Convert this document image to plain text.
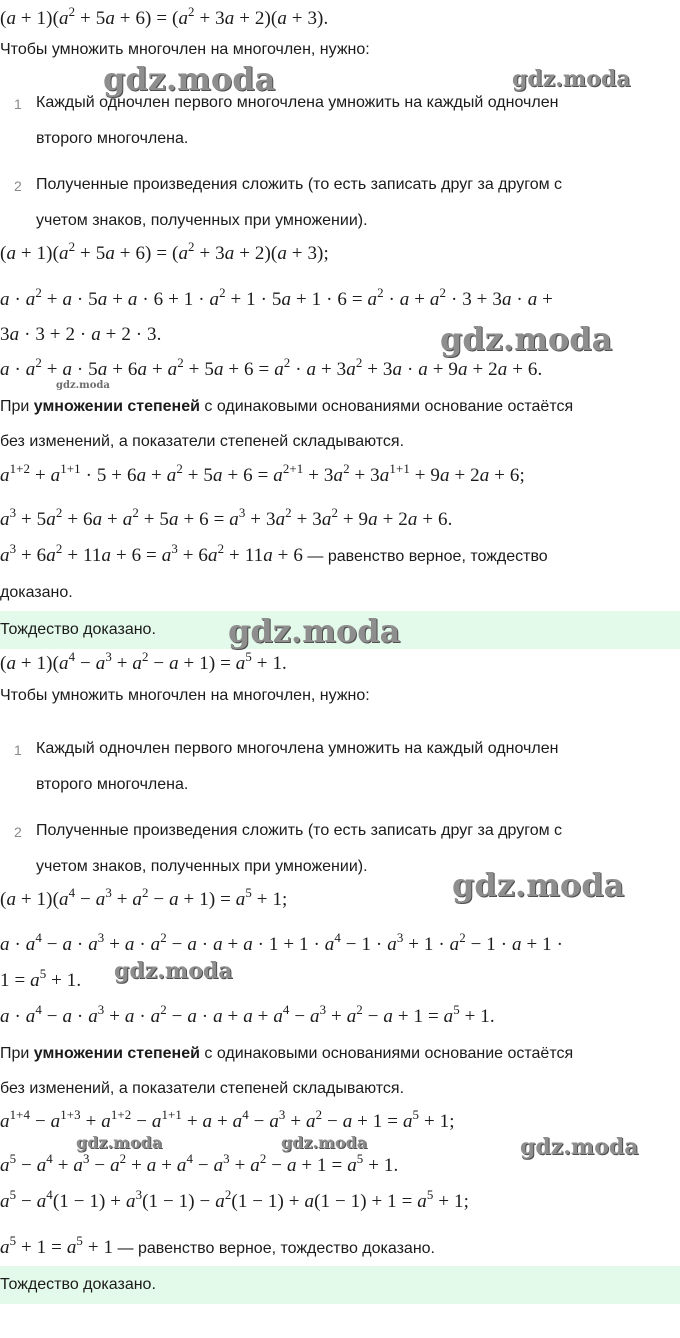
$(a + 1)(a^2 + 5a + 6) = (a^2 + 3a + 2)(a + 3)$.
Чтобы умножить многочлен на многочлен, нужно:
1 Каждый одночлен первого многочлена умножить на каждый одночлен
второго многочлена.
2 Полученные произведения сложить (то есть записать друг за другом с
учетом знаков, полученных при умножении).
$(a + 1)(a^2 + 5a + 6) = (a^2 + 3a + 2)(a + 3)$;
$a \cdot a^2 + a \cdot 5a + a \cdot 6 + 1 \cdot a^2 + 1 \cdot 5a + 1 \cdot 6 = a^2 \cdot a + a^2 \cdot 3 + 3a \cdot a$ +
3a · 3 + 2 · a + 2 · 3.
$a \cdot a^2 + a \cdot 5a + 6a + a^2 + 5a + 6 = a^2 \cdot a + 3a^2 + 3a \cdot a + 9a + 2a + 6$.
При умножении степеней с одинаковыми основаниями основание остаётся
без изменений, а показатели степеней складываются.
$a^{1+2} + a^{1+1} \cdot 5 + 6a + a^2 + 5a + 6 = a^{2+1} + 3a^2 + 3a^{1+1} + 9a + 2a + 6$;
$a^3 + 5a^2 + 6a + a^2 + 5a + 6 = a^3 + 3a^2 + 3a^2 + 9a + 2a + 6$.
$a^3 + 6a^2 + 11a + 6 = a^3 + 6a^2 + 11a + 6$ — равенство верное, тождество
доказано.
Тождество доказано.
$(a + 1)(a^4 - a^3 + a^2 - a + 1) = a^5 + 1$.
Чтобы умножить многочлен на многочлен, нужно:
1 Каждый одночлен первого многочлена умножить на каждый одночлен
второго многочлена.
2 Полученные произведения сложить (то есть записать друг за другом с
учетом знаков, полученных при умножении).
$(a + 1)(a^4 - a^3 + a^2 - a + 1) = a^5 + 1$;
$a \cdot a^4 - a \cdot a^3 + a \cdot a^2 - a \cdot a + a \cdot 1 + 1 \cdot a^4 - 1 \cdot a^3 + 1 \cdot a^2 - 1 \cdot a + 1$ ·
$1 = a^5 + 1$.
$a \cdot a^4 - a \cdot a^3 + a \cdot a^2 - a \cdot a + a + a^4 - a^3 + a^2 - a + 1 = a^5 + 1$.
При умножении степеней с одинаковыми основаниями основание остаётся
без изменений, а показатели степеней складываются.
$a^{1+4} - a^{1+3} + a^{1+2} - a^{1+1} + a + a^4 - a^3 + a^2 - a + 1 = a^5 + 1$;
$a^5 - a^4 + a^3 - a^2 + a + a^4 - a^3 + a^2 - a + 1 = a^5 + 1$.
$a^5 - a^4(1 - 1) + a^3(1 - 1) - a^2(1 - 1) + a(1 - 1) + 1 = a^5 + 1$;
$a^5 + 1 = a^5 + 1$ — равенство верное, тождество доказано.
Тождество доказано.
gdz.moda	gdz.moda
gdz.moda
gdz.moda
gdz.moda
gdz.moda
gdz.moda
gdz.moda	gdz.moda	gdz.moda
